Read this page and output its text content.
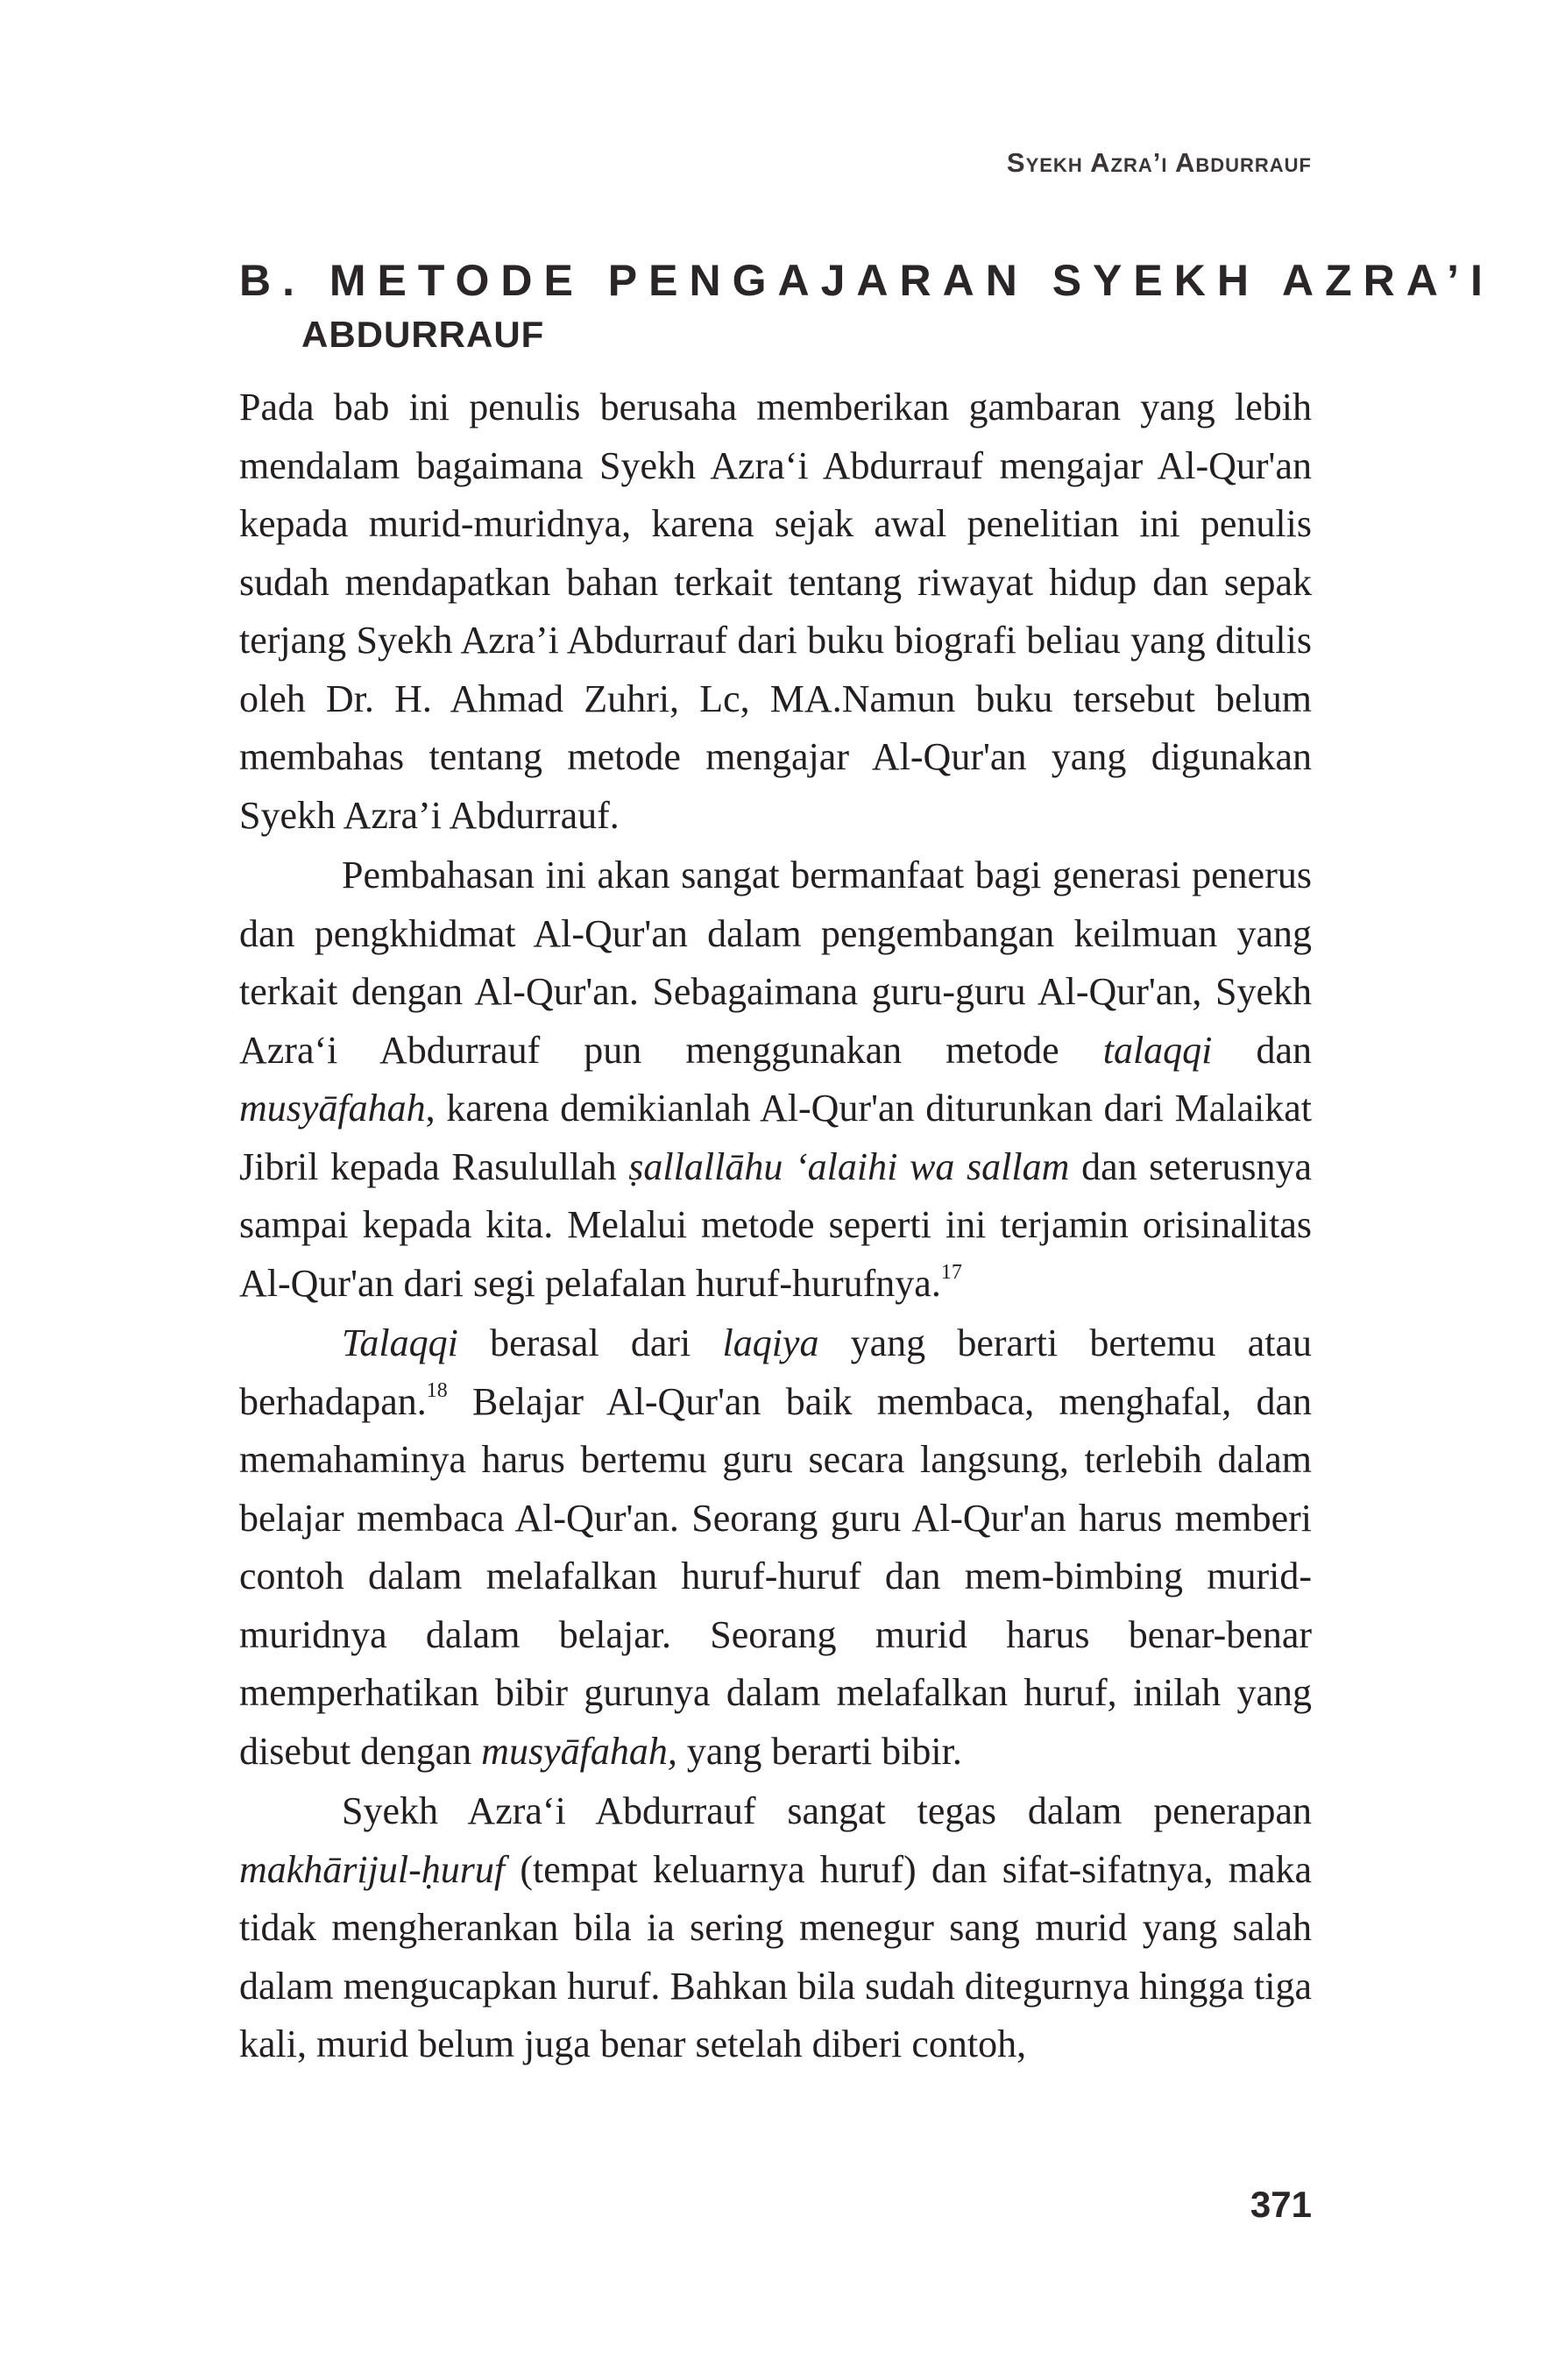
Syekh Azra’i Abdurrauf
B. METODE PENGAJARAN SYEKH AZRA’I
ABDURRAUF

Pada bab ini penulis berusaha memberikan gambaran yang lebih mendalam bagaimana Syekh Azra‘i Abdurrauf mengajar Al-Qur'an kepada murid-muridnya, karena sejak awal penelitian ini penulis sudah mendapatkan bahan terkait tentang riwayat hidup dan sepak terjang Syekh Azra’i Abdurrauf dari buku biografi beliau yang ditulis oleh Dr. H. Ahmad Zuhri, Lc, MA.Namun buku tersebut belum membahas tentang metode mengajar Al-Qur'an yang digunakan Syekh Azra’i Abdurrauf.

Pembahasan ini akan sangat bermanfaat bagi generasi penerus dan pengkhidmat Al-Qur'an dalam pengembangan keilmuan yang terkait dengan Al-Qur'an. Sebagaimana guru-guru Al-Qur'an, Syekh Azra‘i Abdurrauf pun menggunakan metode talaqqi dan musyāfahah, karena demikianlah Al-Qur'an diturunkan dari Malaikat Jibril kepada Rasulullah ṣallallāhu ‘alaihi wa sallam dan seterusnya sampai kepada kita. Melalui metode seperti ini terjamin orisinalitas Al-Qur'an dari segi pelafalan huruf-hurufnya.$^{17}$

Talaqqi berasal dari laqiya yang berarti bertemu atau berhadapan.$^{18}$ Belajar Al-Qur'an baik membaca, menghafal, dan memahaminya harus bertemu guru secara langsung, terlebih dalam belajar membaca Al-Qur'an. Seorang guru Al-Qur'an harus memberi contoh dalam melafalkan huruf-huruf dan mem-bimbing murid-muridnya dalam belajar. Seorang murid harus benar-benar memperhatikan bibir gurunya dalam melafalkan huruf, inilah yang disebut dengan musyāfahah, yang berarti bibir.

Syekh Azra‘i Abdurrauf sangat tegas dalam penerapan makhārijul-ḥuruf (tempat keluarnya huruf) dan sifat-sifatnya, maka tidak mengherankan bila ia sering menegur sang murid yang salah dalam mengucapkan huruf. Bahkan bila sudah ditegurnya hingga tiga kali, murid belum juga benar setelah diberi contoh,

371
